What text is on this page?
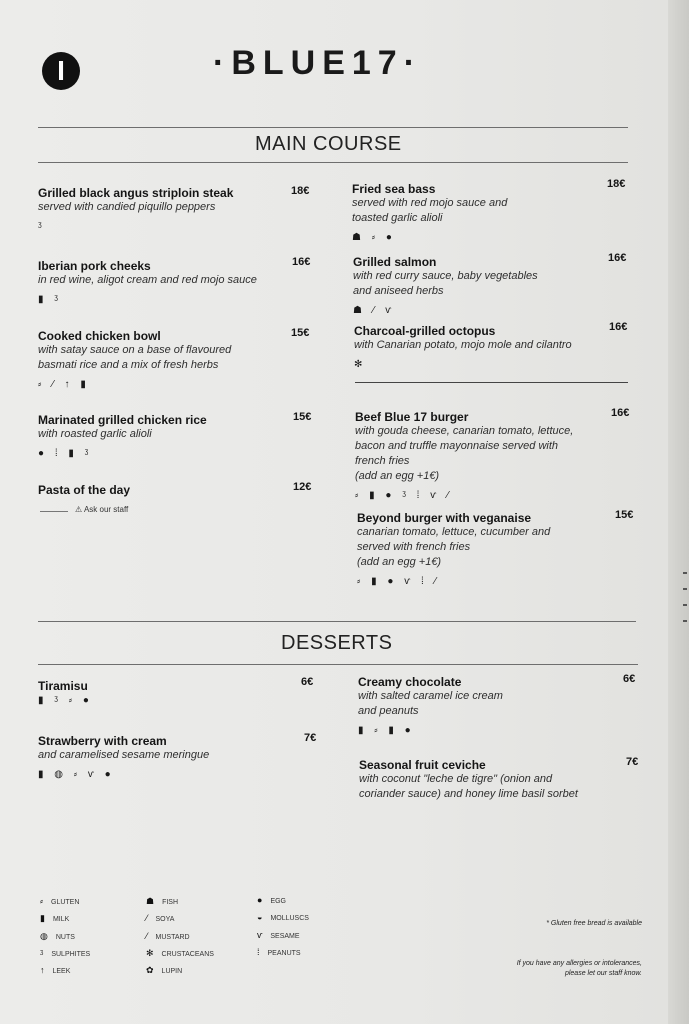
I	·BLUE17·
MAIN COURSE
Grilled black angus striploin steak
served with candied piquillo peppers
ᶾ
18€
Iberian pork cheeks
in red wine, aligot cream and red mojo sauce
▮ ᶾ
16€
Cooked chicken bowl
with satay sauce on a base of flavoured
basmati rice and a mix of fresh herbs
⸗ ⁄ ↑ ▮
15€
Marinated grilled chicken rice
with roasted garlic alioli
● ⁞ ▮ ᶾ
15€
Pasta of the day	12€
⚠ Ask our staff
Fried sea bass
served with red mojo sauce and
toasted garlic alioli
☗ ⸗ ●
18€
Grilled salmon
with red curry sauce, baby vegetables
and aniseed herbs
☗ ⁄ ⱱ
16€
Charcoal-grilled octopus
with Canarian potato, mojo mole and cilantro
✻
16€
Beef Blue 17 burger
with gouda cheese, canarian tomato, lettuce,
bacon and truffle mayonnaise served with
french fries
(add an egg +1€)
⸗ ▮ ● ᶾ ⁞ ⱱ ⁄
16€
Beyond burger with veganaise
canarian tomato, lettuce, cucumber and
served with french fries
(add an egg +1€)
⸗ ▮ ● ⱱ ⁞ ⁄
15€
DESSERTS
Tiramisu
▮ ᶾ ⸗ ●
6€
Strawberry with cream
and caramelised sesame meringue
▮ ◍ ⸗ ⱱ ●
7€
Creamy chocolate
with salted caramel ice cream
and peanuts
▮ ⸗ ▮ ●
6€
Seasonal fruit ceviche
with coconut "leche de tigre" (onion and
coriander sauce) and honey lime basil sorbet
7€
⸗ GLUTEN
▮ MILK
◍ NUTS
ᶾ SULPHITES
↑ LEEK
☗ FISH
⁄ SOYA
⁄ MUSTARD
✻ CRUSTACEANS
✿ LUPIN
● EGG
◒ MOLLUSCS
ⱱ SESAME
⁞ PEANUTS
* Gluten free bread is available
If you have any allergies or intolerances,
please let our staff know.
